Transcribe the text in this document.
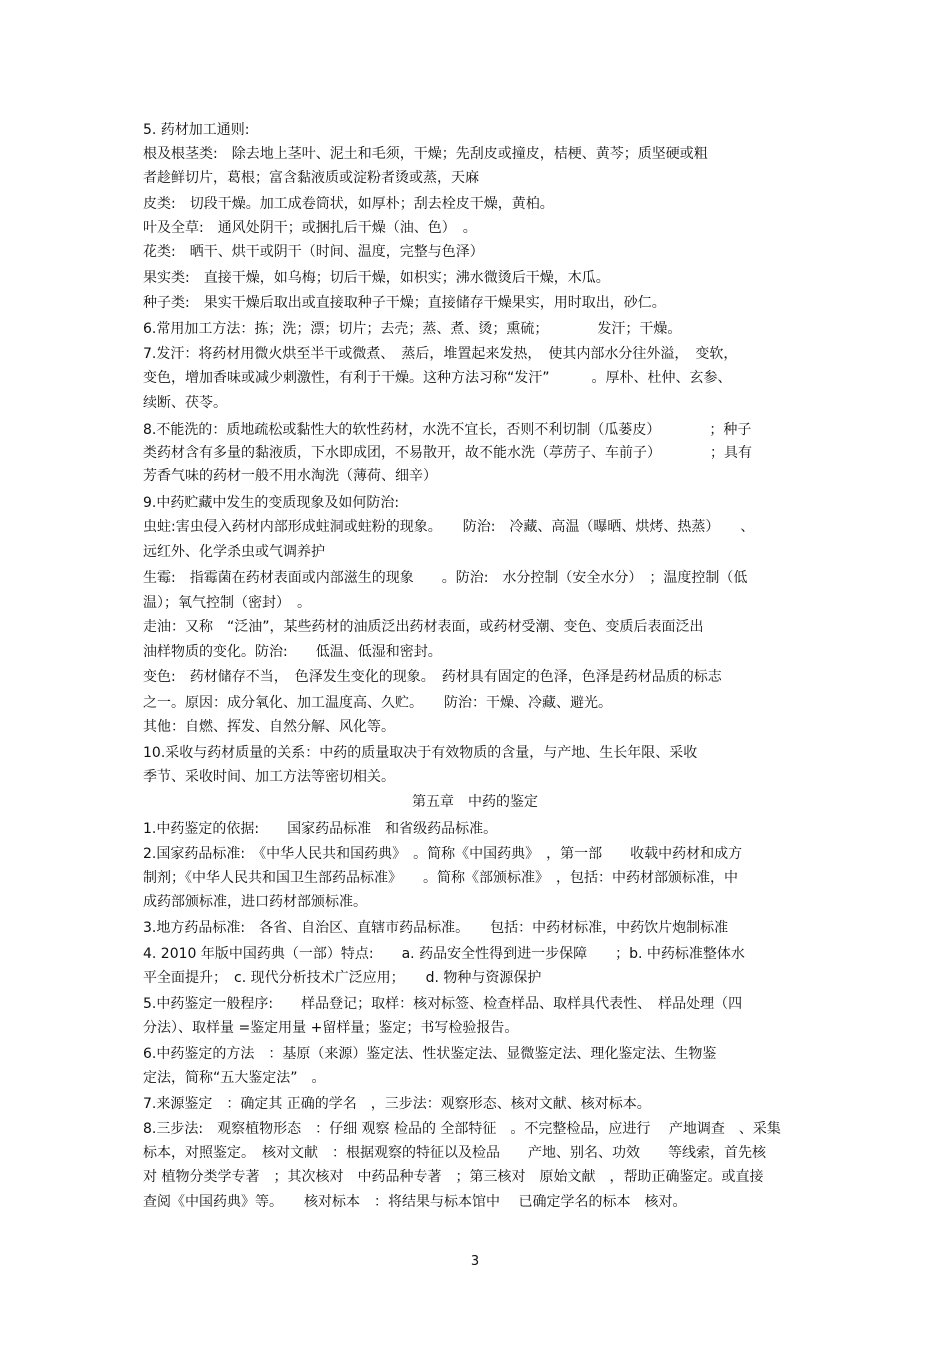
5. 药材加工通则:
根及根茎类:　除去地上茎叶、泥土和毛须，干燥；先刮皮或撞皮，桔梗、黄芩；质坚硬或粗
者趁鲜切片，葛根；富含黏液质或淀粉者烫或蒸，天麻
皮类:　切段干燥。加工成卷筒状，如厚朴；刮去栓皮干燥，黄柏。
叶及全草:　通风处阴干；或捆扎后干燥（油、色）　。
花类:　晒干、烘干或阴干（时间、温度，完整与色泽）
果实类:　直接干燥，如乌梅；切后干燥，如枳实；沸水微烫后干燥，木瓜。
种子类:　果实干燥后取出或直接取种子干燥；直接储存干燥果实，用时取出，砂仁。
6.常用加工方法：拣；洗；漂；切片；去壳；蒸、煮、烫；熏硫；　　　　发汗；干燥。
7.发汗：将药材用微火烘至半干或微煮、　蒸后，堆置起来发热，　使其内部水分往外溢，　变软，
变色，增加香味或减少刺激性，有利于干燥。这种方法习称“发汗”　　　。厚朴、杜仲、玄参、
续断、茯苓。
8.不能洗的：质地疏松或黏性大的软性药材，水洗不宜长，否则不利切制（瓜蒌皮）　　　　；种子
类药材含有多量的黏液质，下水即成团，不易散开，故不能水洗（葶苈子、车前子）　　　　；具有
芳香气味的药材一般不用水淘洗（薄荷、细辛）
9.中药贮藏中发生的变质现象及如何防治:
虫蛀:害虫侵入药材内部形成蛀洞或蛀粉的现象。　　防治:　冷藏、高温（曝晒、烘烤、热蒸）　　、
远红外、化学杀虫或气调养护
生霉:　指霉菌在药材表面或内部滋生的现象　　。防治:　水分控制（安全水分）　；温度控制（低
温）；氧气控制（密封）　。
走油：又称　“泛油”，某些药材的油质泛出药材表面，或药材受潮、变色、变质后表面泛出
油样物质的变化。防治:　　低温、低湿和密封。
变色:　药材储存不当，　色泽发生变化的现象。　药材具有固定的色泽，色泽是药材品质的标志
之一。原因：成分氧化、加工温度高、久贮。　　防治：干燥、冷藏、避光。
其他：自燃、挥发、自然分解、风化等。
10.采收与药材质量的关系：中药的质量取决于有效物质的含量，与产地、生长年限、采收
季节、采收时间、加工方法等密切相关。
第五章　中药的鉴定
1.中药鉴定的依据:　　国家药品标准　和省级药品标准。
2.国家药品标准:　《中华人民共和国药典》　。简称《中国药典》　，第一部　　收载中药材和成方
制剂；《中华人民共和国卫生部药品标准》　　。简称《部颁标准》　，包括：中药材部颁标准，中
成药部颁标准，进口药材部颁标准。
3.地方药品标准:　各省、自治区、直辖市药品标准。　　包括：中药材标准，中药饮片炮制标准
4. 2010 年版中国药典（一部）特点:　　a. 药品安全性得到进一步保障　　；b. 中药标准整体水
平全面提升；　c. 现代分析技术广泛应用；　　d. 物种与资源保护
5.中药鉴定一般程序:　　样品登记；取样：核对标签、检查样品、取样具代表性、　样品处理（四
分法）、取样量 =鉴定用量 +留样量；鉴定；书写检验报告。
6.中药鉴定的方法　：基原（来源）鉴定法、性状鉴定法、显微鉴定法、理化鉴定法、生物鉴
定法，简称“五大鉴定法”　。
7.来源鉴定　：确定其 正确的学名　，三步法：观察形态、核对文献、核对标本。
8.三步法:　观察植物形态　：仔细 观察 检品的 全部特征　。不完整检品，应进行　 产地调查　、采集
标本，对照鉴定。　核对文献　：根据观察的特征以及检品　　产地、别名、功效　　等线索，首先核
对 植物分类学专著　；其次核对　中药品种专著　；第三核对　原始文献　，帮助正确鉴定。或直接
查阅《中国药典》等。　　核对标本　：将结果与标本馆中　 已确定学名的标本　核对。
3
